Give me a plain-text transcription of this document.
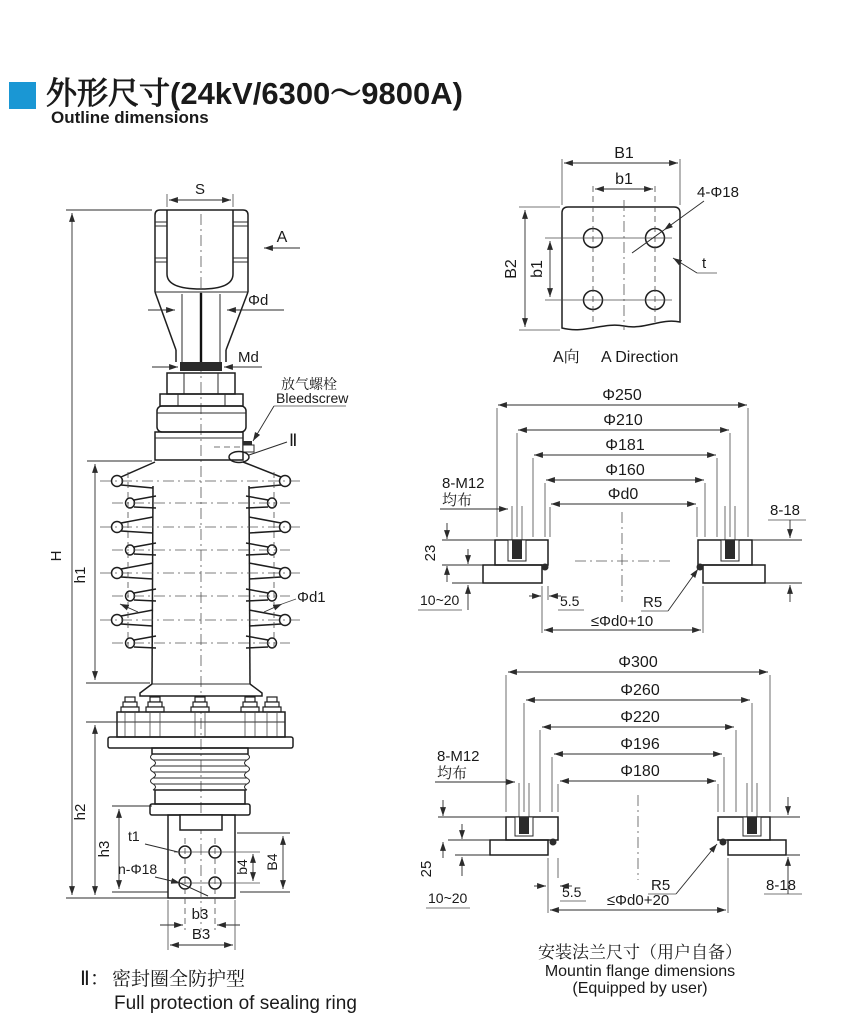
外形尺寸(24kV/6300～9800A)
Outline dimensions
H
h1
h2
h3
S
A
Φd
Md
放气螺栓
Bleedscrew
Ⅱ
Φd1
t1
n-Φ18	b4 B4
b3
B3
B1
b1
B2 b1
4-Φ18
t
A向 A Direction
Φ250
Φ210
Φ181
Φ160
Φd0
8-M12
均布
8-18
23
10~20	5.5	R5
≤Φd0+10
Φ300
Φ260
Φ220
Φ196
Φ180
8-M12
均布
25
10~20	5.5	R5	8-18
≤Φd0+20
安装法兰尺寸（用户自备）
Mountin flange dimensions
(Equipped by user)
Ⅱ： 密封圈全防护型
Full protection of sealing ring
